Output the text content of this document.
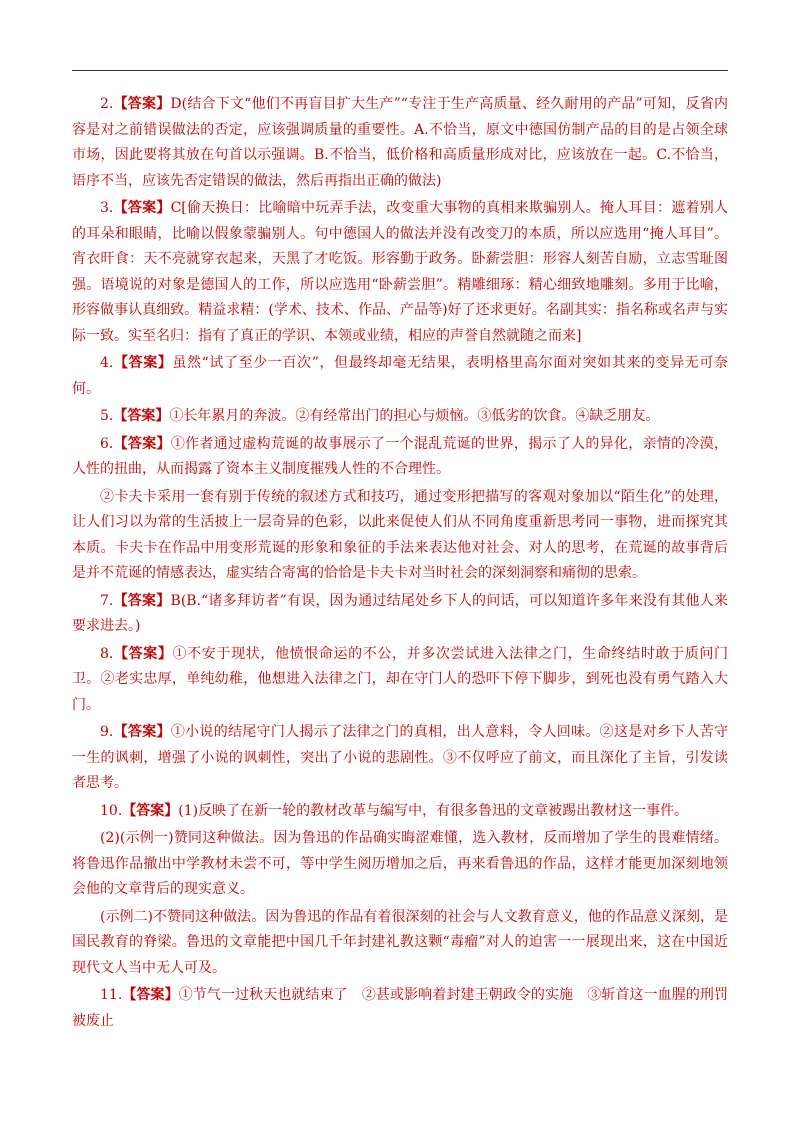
2.【答案】D(结合下文“他们不再盲目扩大生产”“专注于生产高质量、经久耐用的产品”可知，反省内容是对之前错误做法的否定，应该强调质量的重要性。A.不恰当，原文中德国仿制产品的目的是占领全球市场，因此要将其放在句首以示强调。B.不恰当，低价格和高质量形成对比，应该放在一起。C.不恰当，语序不当，应该先否定错误的做法，然后再指出正确的做法)

3.【答案】C[偷天换日：比喻暗中玩弄手法，改变重大事物的真相来欺骗别人。掩人耳目：遮着别人的耳朵和眼睛，比喻以假象蒙骗别人。句中德国人的做法并没有改变刀的本质，所以应选用“掩人耳目”。宵衣旰食：天不亮就穿衣起来，天黑了才吃饭。形容勤于政务。卧薪尝胆：形容人刻苦自励，立志雪耻图强。语境说的对象是德国人的工作，所以应选用“卧薪尝胆”。精雕细琢：精心细致地雕刻。多用于比喻，形容做事认真细致。精益求精：(学术、技术、作品、产品等)好了还求更好。名副其实：指名称或名声与实际一致。实至名归：指有了真正的学识、本领或业绩，相应的声誉自然就随之而来]

4.【答案】虽然“试了至少一百次”，但最终却毫无结果，表明格里高尔面对突如其来的变异无可奈何。

5.【答案】①长年累月的奔波。②有经常出门的担心与烦恼。③低劣的饮食。④缺乏朋友。

6.【答案】①作者通过虚构荒诞的故事展示了一个混乱荒诞的世界，揭示了人的异化，亲情的冷漠，人性的扭曲，从而揭露了资本主义制度摧残人性的不合理性。

②卡夫卡采用一套有别于传统的叙述方式和技巧，通过变形把描写的客观对象加以“陌生化”的处理，让人们习以为常的生活披上一层奇异的色彩，以此来促使人们从不同角度重新思考同一事物，进而探究其本质。卡夫卡在作品中用变形荒诞的形象和象征的手法来表达他对社会、对人的思考，在荒诞的故事背后是并不荒诞的情感表达，虚实结合寄寓的恰恰是卡夫卡对当时社会的深刻洞察和痛彻的思索。

7.【答案】B(B.“诸多拜访者”有误，因为通过结尾处乡下人的问话，可以知道许多年来没有其他人来要求进去。)

8.【答案】①不安于现状，他愤恨命运的不公，并多次尝试进入法律之门，生命终结时敢于质问门卫。②老实忠厚，单纯幼稚，他想进入法律之门，却在守门人的恐吓下停下脚步，到死也没有勇气踏入大门。

9.【答案】①小说的结尾守门人揭示了法律之门的真相，出人意料，令人回味。②这是对乡下人苦守一生的讽刺，增强了小说的讽刺性，突出了小说的悲剧性。③不仅呼应了前文，而且深化了主旨，引发读者思考。

10.【答案】(1)反映了在新一轮的教材改革与编写中，有很多鲁迅的文章被踢出教材这一事件。

(2)(示例一)赞同这种做法。因为鲁迅的作品确实晦涩难懂，选入教材，反而增加了学生的畏难情绪。将鲁迅作品撤出中学教材未尝不可，等中学生阅历增加之后，再来看鲁迅的作品，这样才能更加深刻地领会他的文章背后的现实意义。

(示例二)不赞同这种做法。因为鲁迅的作品有着很深刻的社会与人文教育意义，他的作品意义深刻，是国民教育的脊梁。鲁迅的文章能把中国几千年封建礼教这颗“毒瘤”对人的迫害一一展现出来，这在中国近现代文人当中无人可及。

11.【答案】①节气一过秋天也就结束了　②甚或影响着封建王朝政令的实施　③斩首这一血腥的刑罚被废止
